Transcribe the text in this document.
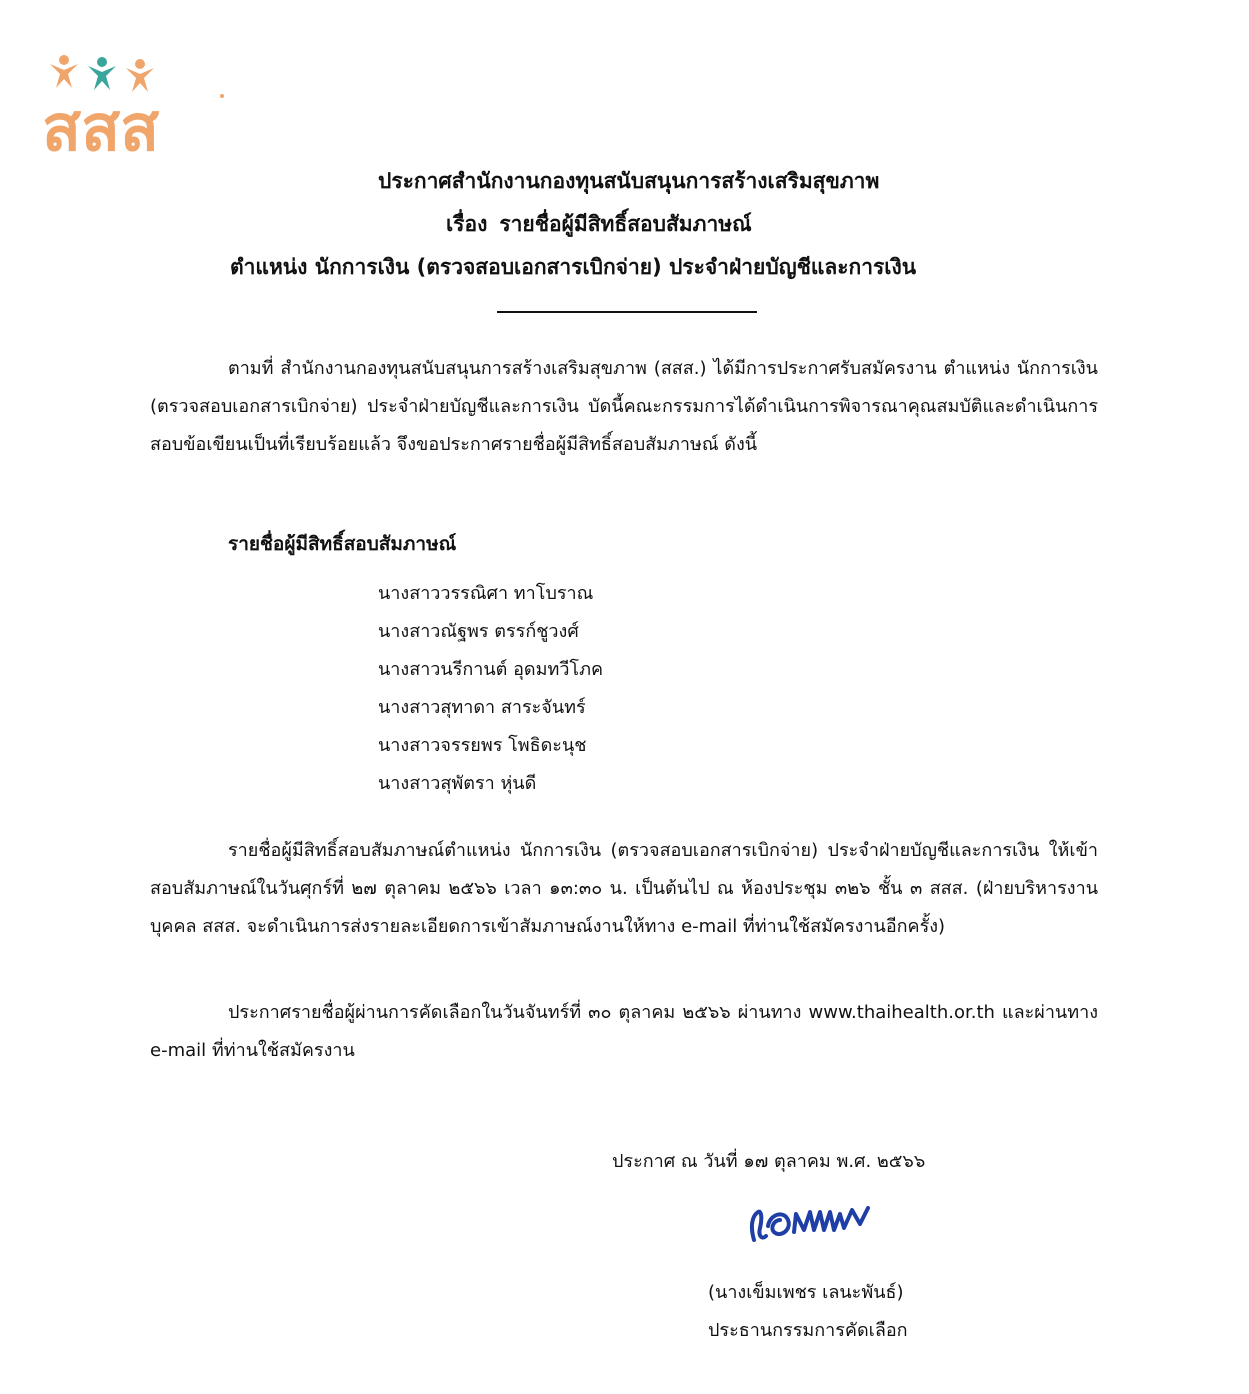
สสส
ประกาศสำนักงานกองทุนสนับสนุนการสร้างเสริมสุขภาพ
เรื่อง รายชื่อผู้มีสิทธิ์สอบสัมภาษณ์
ตำแหน่ง นักการเงิน (ตรวจสอบเอกสารเบิกจ่าย) ประจำฝ่ายบัญชีและการเงิน
ตามที่ สำนักงานกองทุนสนับสนุนการสร้างเสริมสุขภาพ (สสส.) ได้มีการประกาศรับสมัครงาน ตำแหน่ง นักการเงิน (ตรวจสอบเอกสารเบิกจ่าย) ประจำฝ่ายบัญชีและการเงิน บัดนี้คณะกรรมการได้ดำเนินการพิจารณาคุณสมบัติและดำเนินการสอบข้อเขียนเป็นที่เรียบร้อยแล้ว จึงขอประกาศรายชื่อผู้มีสิทธิ์สอบสัมภาษณ์ ดังนี้
รายชื่อผู้มีสิทธิ์สอบสัมภาษณ์
นางสาววรรณิศา ทาโบราณ
นางสาวณัฐพร ตรรก์ชูวงศ์
นางสาวนรีกานต์ อุดมทวีโภค
นางสาวสุทาดา สาระจันทร์
นางสาวจรรยพร โพธิดะนุช
นางสาวสุพัตรา หุ่นดี
รายชื่อผู้มีสิทธิ์สอบสัมภาษณ์ตำแหน่ง นักการเงิน (ตรวจสอบเอกสารเบิกจ่าย) ประจำฝ่ายบัญชีและการเงิน ให้เข้าสอบสัมภาษณ์ในวันศุกร์ที่ ๒๗ ตุลาคม ๒๕๖๖ เวลา ๑๓:๓๐ น. เป็นต้นไป ณ ห้องประชุม ๓๒๖ ชั้น ๓ สสส. (ฝ่ายบริหารงานบุคคล สสส. จะดำเนินการส่งรายละเอียดการเข้าสัมภาษณ์งานให้ทาง e-mail ที่ท่านใช้สมัครงานอีกครั้ง)
ประกาศรายชื่อผู้ผ่านการคัดเลือกในวันจันทร์ที่ ๓๐ ตุลาคม ๒๕๖๖ ผ่านทาง www.thaihealth.or.th และผ่านทาง e-mail ที่ท่านใช้สมัครงาน
ประกาศ ณ วันที่ ๑๗ ตุลาคม พ.ศ. ๒๕๖๖
(นางเข็มเพชร เลนะพันธ์)
ประธานกรรมการคัดเลือก
